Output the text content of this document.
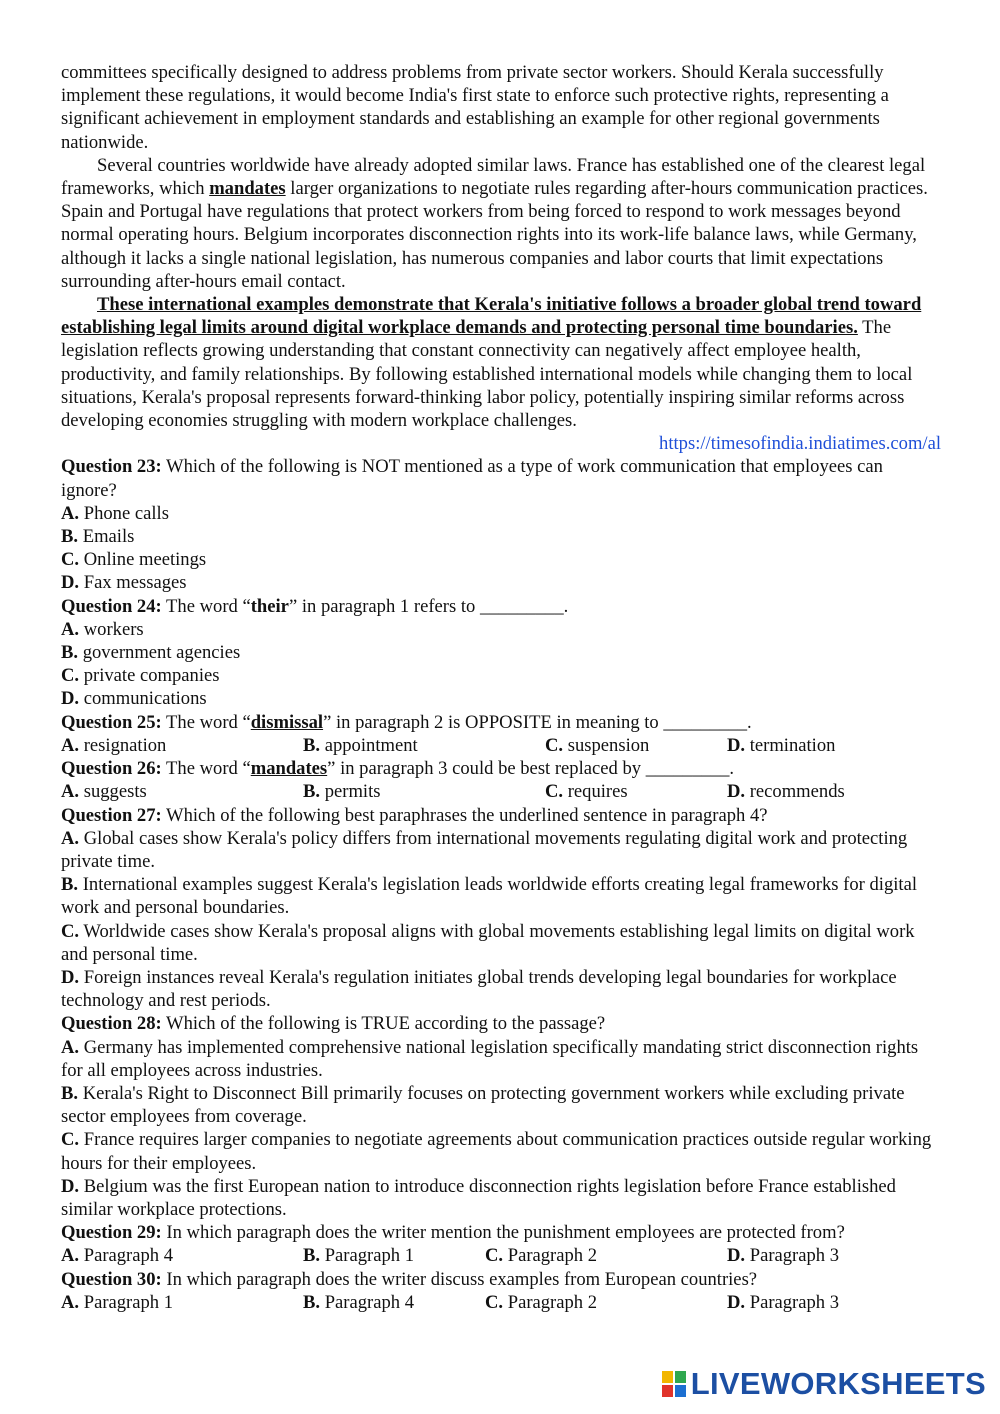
committees specifically designed to address problems from private sector workers. Should Kerala successfully implement these regulations, it would become India's first state to enforce such protective rights, representing a significant achievement in employment standards and establishing an example for other regional governments nationwide.

Several countries worldwide have already adopted similar laws. France has established one of the clearest legal frameworks, which mandates larger organizations to negotiate rules regarding after-hours communication practices. Spain and Portugal have regulations that protect workers from being forced to respond to work messages beyond normal operating hours. Belgium incorporates disconnection rights into its work-life balance laws, while Germany, although it lacks a single national legislation, has numerous companies and labor courts that limit expectations surrounding after-hours email contact.

These international examples demonstrate that Kerala's initiative follows a broader global trend toward establishing legal limits around digital workplace demands and protecting personal time boundaries. The legislation reflects growing understanding that constant connectivity can negatively affect employee health, productivity, and family relationships. By following established international models while changing them to local situations, Kerala's proposal represents forward-thinking labor policy, potentially inspiring similar reforms across developing economies struggling with modern workplace challenges.

https://timesofindia.indiatimes.com/al

Question 23: Which of the following is NOT mentioned as a type of work communication that employees can ignore?

A. Phone calls

B. Emails

C. Online meetings

D. Fax messages

Question 24: The word “their” in paragraph 1 refers to _________.

A. workers

B. government agencies

C. private companies

D. communications

Question 25: The word “dismissal” in paragraph 2 is OPPOSITE in meaning to _________.

A. resignation	B. appointment	C. suspension	D. termination

Question 26: The word “mandates” in paragraph 3 could be best replaced by _________.

A. suggests	B. permits	C. requires	D. recommends

Question 27: Which of the following best paraphrases the underlined sentence in paragraph 4?

A. Global cases show Kerala's policy differs from international movements regulating digital work and protecting private time.

B. International examples suggest Kerala's legislation leads worldwide efforts creating legal frameworks for digital work and personal boundaries.

C. Worldwide cases show Kerala's proposal aligns with global movements establishing legal limits on digital work and personal time.

D. Foreign instances reveal Kerala's regulation initiates global trends developing legal boundaries for workplace technology and rest periods.

Question 28: Which of the following is TRUE according to the passage?

A. Germany has implemented comprehensive national legislation specifically mandating strict disconnection rights for all employees across industries.

B. Kerala's Right to Disconnect Bill primarily focuses on protecting government workers while excluding private sector employees from coverage.

C. France requires larger companies to negotiate agreements about communication practices outside regular working hours for their employees.

D. Belgium was the first European nation to introduce disconnection rights legislation before France established similar workplace protections.

Question 29: In which paragraph does the writer mention the punishment employees are protected from?

A. Paragraph 4	B. Paragraph 1	C. Paragraph 2	D. Paragraph 3

Question 30: In which paragraph does the writer discuss examples from European countries?

A. Paragraph 1	B. Paragraph 4	C. Paragraph 2	D. Paragraph 3
LIVEWORKSHEETS
